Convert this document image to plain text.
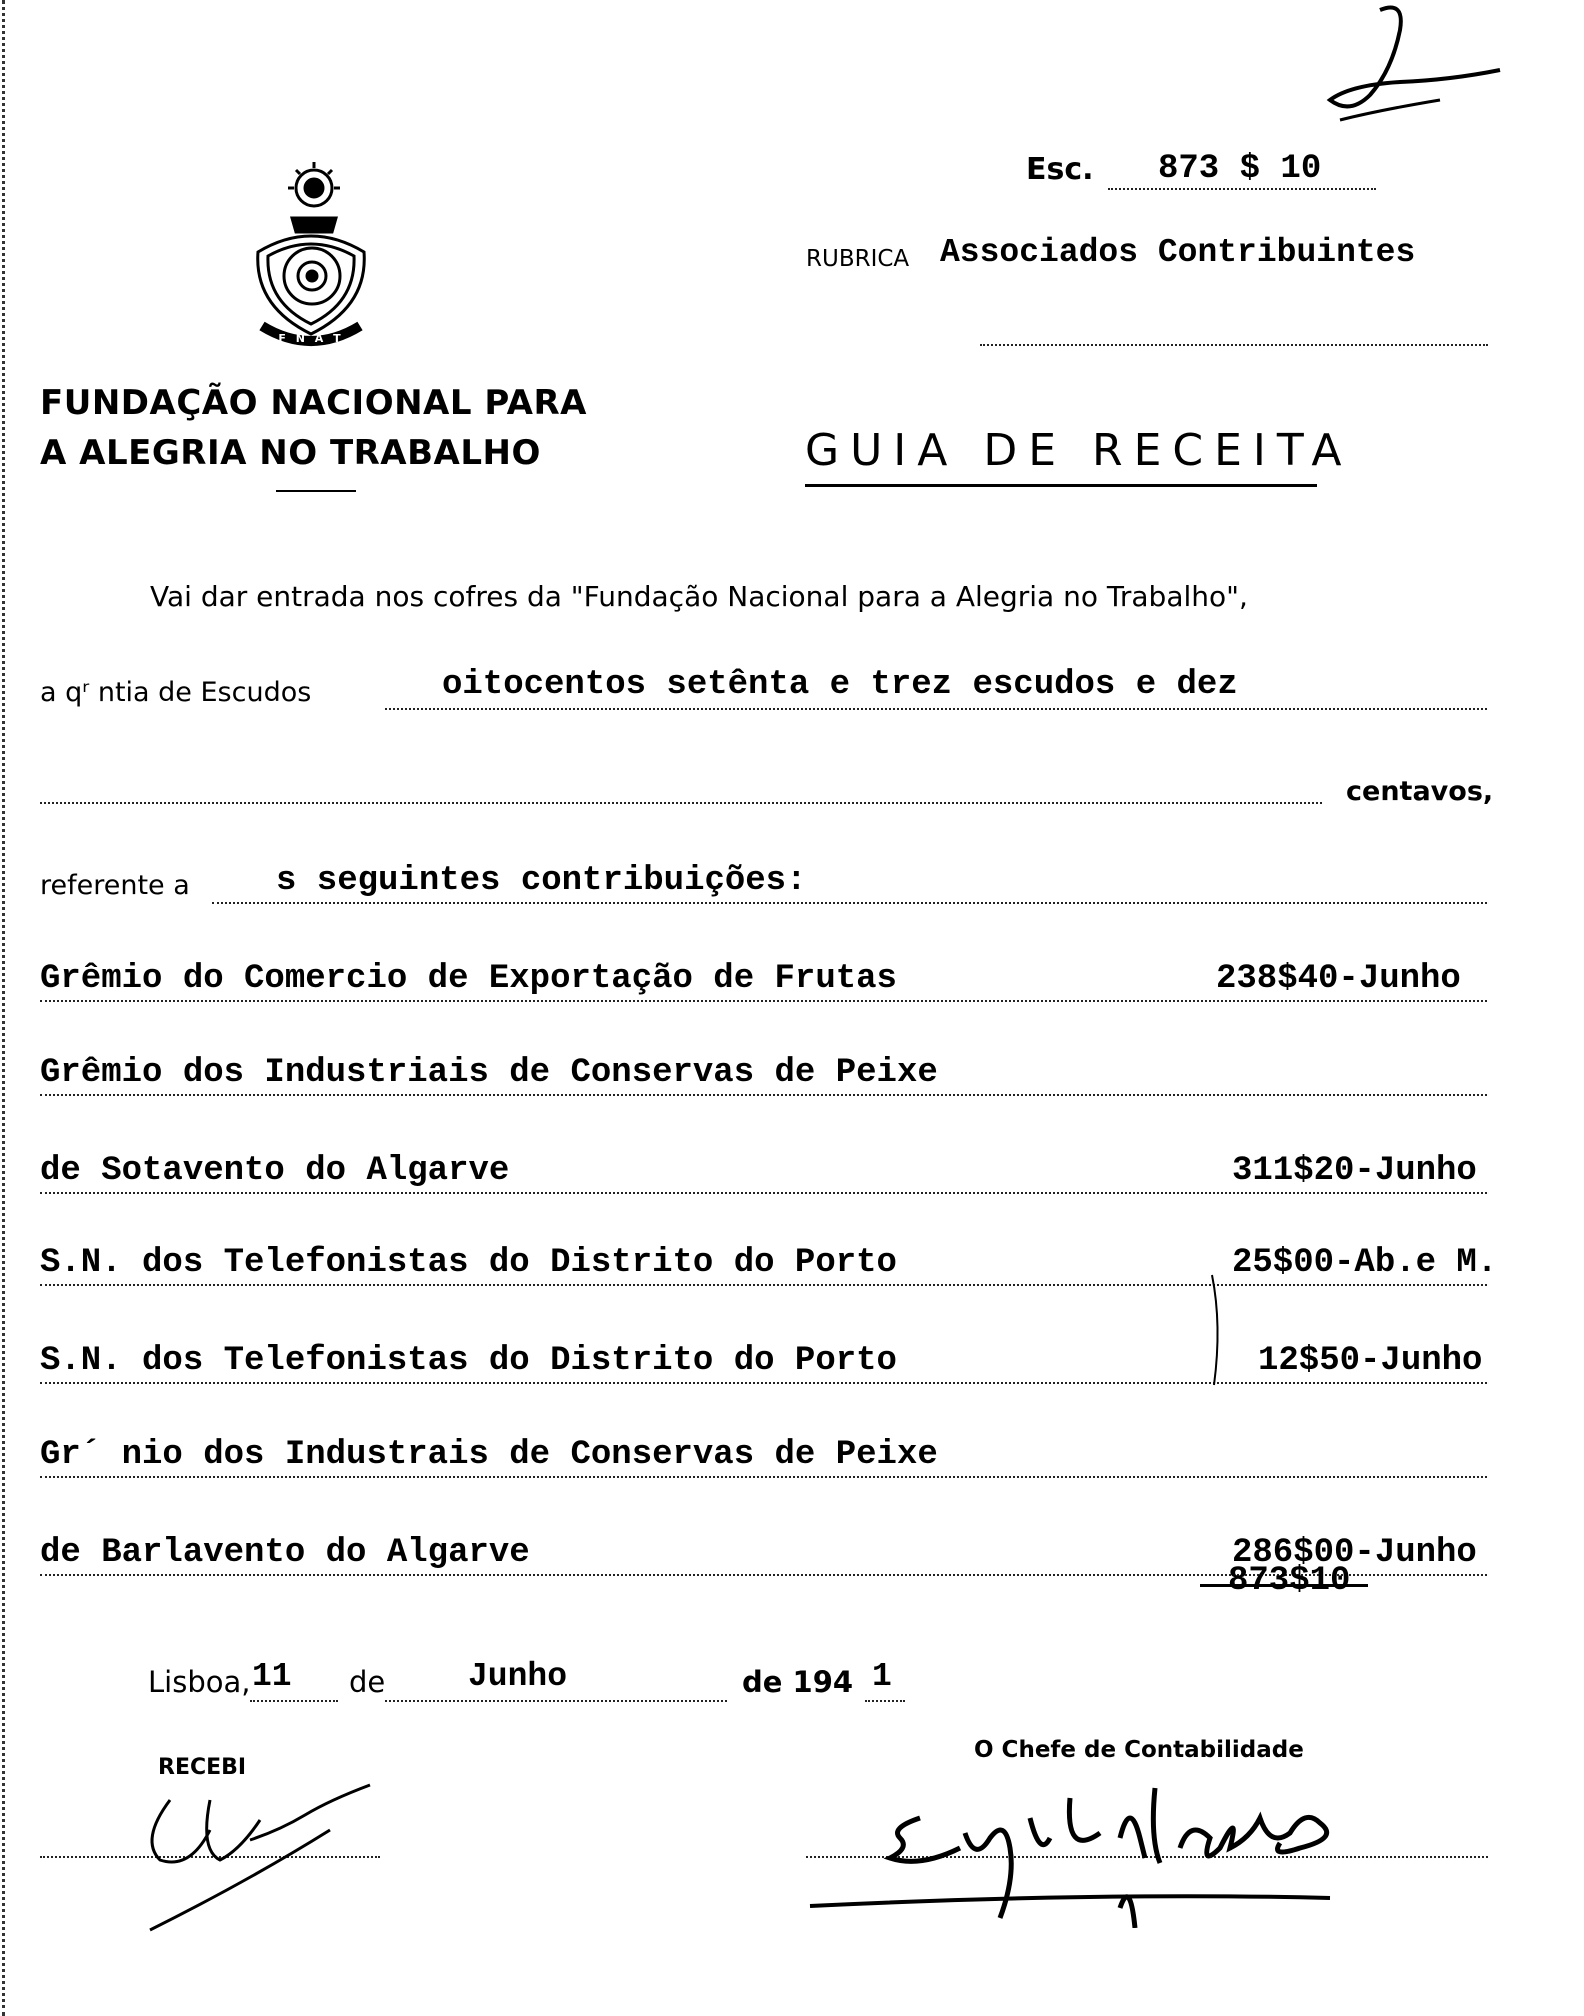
F N A T
FUNDAÇÃO NACIONAL PARA
A ALEGRIA NO TRABALHO
Esc. 873 $ 10
RUBRICA Associados Contribuintes
GUIA DE RECEITA
Vai dar entrada nos cofres da "Fundação Nacional para a Alegria no Trabalho",
a qʳ ntia de Escudos	oitocentos setênta e trez escudos e dez
centavos,
referente a	s seguintes contribuições:
Grêmio do Comercio de Exportação de Frutas	238$40-Junho
Grêmio dos Industriais de Conservas de Peixe
de Sotavento do Algarve	311$20-Junho
S.N. dos Telefonistas do Distrito do Porto	25$00-Ab.e M.
S.N. dos Telefonistas do Distrito do Porto	12$50-Junho
Gr´ nio dos Industrais de Conservas de Peixe
de Barlavento do Algarve	286$00-Junho
873$10
Lisboa, 11 de	Junho	de 194 1
O Chefe de Contabilidade
RECEBI
